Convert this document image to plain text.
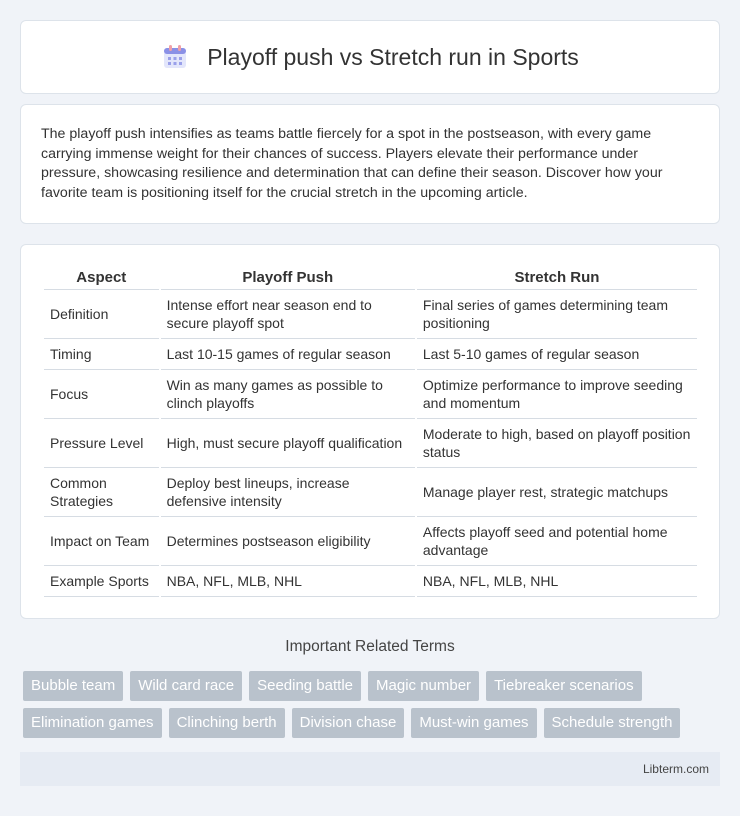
Playoff push vs Stretch run in Sports

The playoff push intensifies as teams battle fiercely for a spot in the postseason, with every game carrying immense weight for their chances of success. Players elevate their performance under pressure, showcasing resilience and determination that can define their season. Discover how your favorite team is positioning itself for the crucial stretch in the upcoming article.

Aspect	Playoff Push	Stretch Run
Definition	Intense effort near season end to secure playoff spot	Final series of games determining team positioning
Timing	Last 10-15 games of regular season	Last 5-10 games of regular season
Focus	Win as many games as possible to clinch playoffs	Optimize performance to improve seeding and momentum
Pressure Level	High, must secure playoff qualification	Moderate to high, based on playoff position status
Common Strategies	Deploy best lineups, increase defensive intensity	Manage player rest, strategic matchups
Impact on Team	Determines postseason eligibility	Affects playoff seed and potential home advantage
Example Sports	NBA, NFL, MLB, NHL	NBA, NFL, MLB, NHL
Important Related Terms
Bubble team	Wild card race	Seeding battle	Magic number	Tiebreaker scenarios
Elimination games	Clinching berth	Division chase	Must-win games	Schedule strength
Libterm.com
